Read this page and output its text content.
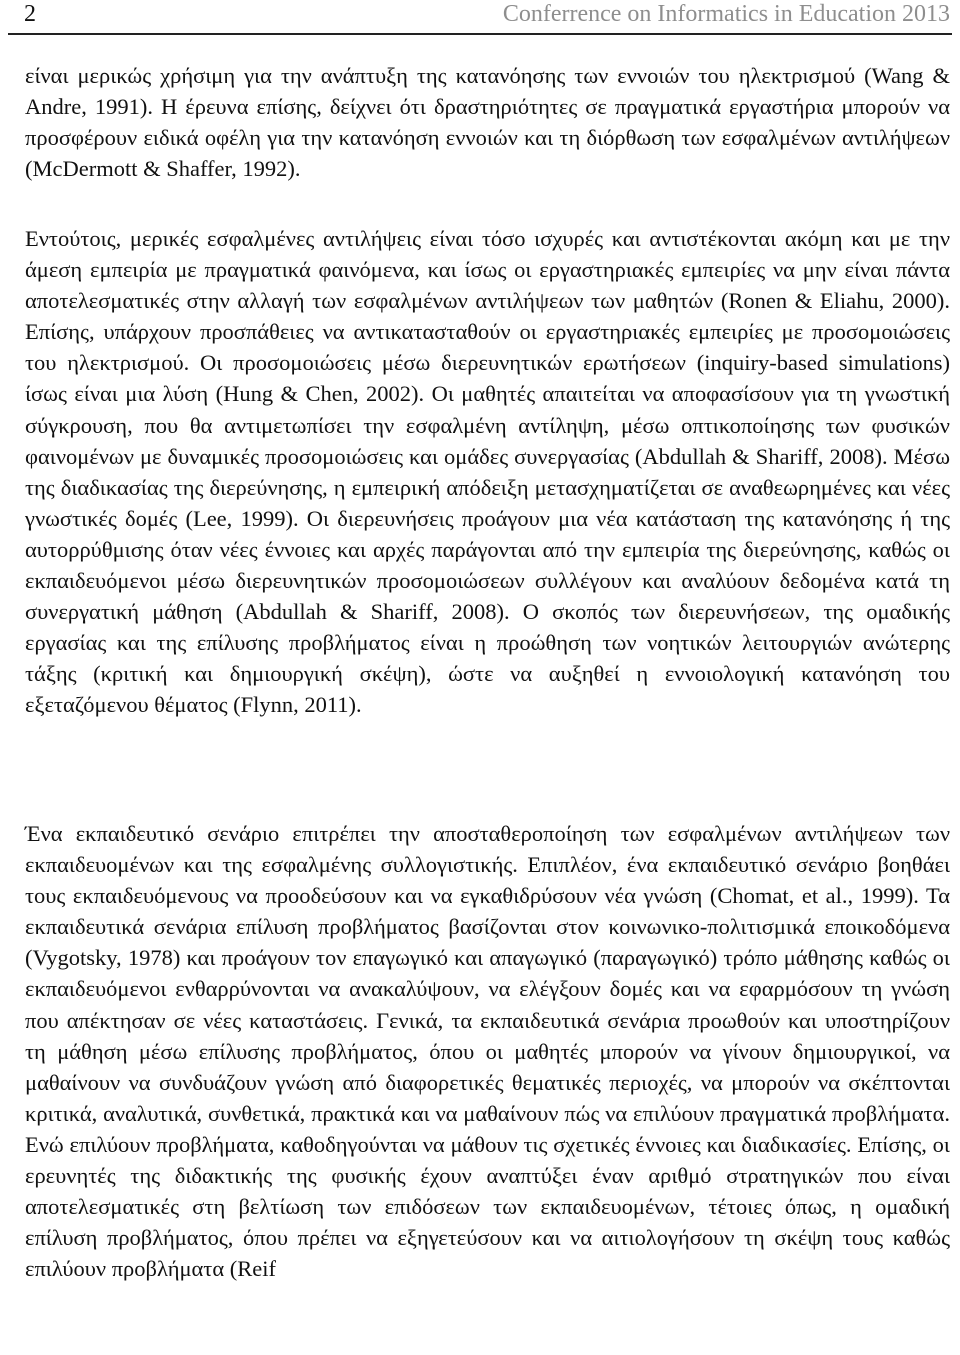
2	Conferrence on Informatics in Education 2013

είναι μερικώς χρήσιμη για την ανάπτυξη της κατανόησης των εννοιών του ηλεκτρισμού (Wang & Andre, 1991). Η έρευνα επίσης, δείχνει ότι δραστηριότητες σε πραγματικά εργαστήρια μπορούν να προσφέρουν ειδικά οφέλη για την κατανόηση εννοιών και τη διόρθωση των εσφαλμένων αντιλήψεων (McDermott & Shaffer, 1992).

Εντούτοις, μερικές εσφαλμένες αντιλήψεις είναι τόσο ισχυρές και αντιστέκονται ακόμη και με την άμεση εμπειρία με πραγματικά φαινόμενα, και ίσως οι εργαστηριακές εμπειρίες να μην είναι πάντα αποτελεσματικές στην αλλαγή των εσφαλμένων αντιλήψεων των μαθητών (Ronen & Eliahu, 2000). Επίσης, υπάρχουν προσπάθειες να αντικατασταθούν οι εργαστηριακές εμπειρίες με προσομοιώσεις του ηλεκτρισμού. Οι προσομοιώσεις μέσω διερευνητικών ερωτήσεων (inquiry-based simulations) ίσως είναι μια λύση (Hung & Chen, 2002). Οι μαθητές απαιτείται να αποφασίσουν για τη γνωστική σύγκρουση, που θα αντιμετωπίσει την εσφαλμένη αντίληψη, μέσω οπτικοποίησης των φυσικών φαινομένων με δυναμικές προσομοιώσεις και ομάδες συνεργασίας (Abdullah & Shariff, 2008). Μέσω της διαδικασίας της διερεύνησης, η εμπειρική απόδειξη μετασχηματίζεται σε αναθεωρημένες και νέες γνωστικές δομές (Lee, 1999). Οι διερευνήσεις προάγουν μια νέα κατάσταση της κατανόησης ή της αυτορρύθμισης όταν νέες έννοιες και αρχές παράγονται από την εμπειρία της διερεύνησης, καθώς οι εκπαιδευόμενοι μέσω διερευνητικών προσομοιώσεων συλλέγουν και αναλύουν δεδομένα κατά τη συνεργατική μάθηση (Abdullah & Shariff, 2008). Ο σκοπός των διερευνήσεων, της ομαδικής εργασίας και της επίλυσης προβλήματος είναι η προώθηση των νοητικών λειτουργιών ανώτερης τάξης (κριτική και δημιουργική σκέψη), ώστε να αυξηθεί η εννοιολογική κατανόηση του εξεταζόμενου θέματος (Flynn, 2011).

Ένα εκπαιδευτικό σενάριο επιτρέπει την αποσταθεροποίηση των εσφαλμένων αντιλήψεων των εκπαιδευομένων και της εσφαλμένης συλλογιστικής. Επιπλέον, ένα εκπαιδευτικό σενάριο βοηθάει τους εκπαιδευόμενους να προοδεύσουν και να εγκαθιδρύσουν νέα γνώση (Chomat, et al., 1999). Τα εκπαιδευτικά σενάρια επίλυση προβλήματος βασίζονται στον κοινωνικο-πολιτισμικά εποικοδόμενα (Vygotsky, 1978) και προάγουν τον επαγωγικό και απαγωγικό (παραγωγικό) τρόπο μάθησης καθώς οι εκπαιδευόμενοι ενθαρρύνονται να ανακαλύψουν, να ελέγξουν δομές και να εφαρμόσουν τη γνώση που απέκτησαν σε νέες καταστάσεις. Γενικά, τα εκπαιδευτικά σενάρια προωθούν και υποστηρίζουν τη μάθηση μέσω επίλυσης προβλήματος, όπου οι μαθητές μπορούν να γίνουν δημιουργικοί, να μαθαίνουν να συνδυάζουν γνώση από διαφορετικές θεματικές περιοχές, να μπορούν να σκέπτονται κριτικά, αναλυτικά, συνθετικά, πρακτικά και να μαθαίνουν πώς να επιλύουν πραγματικά προβλήματα. Ενώ επιλύουν προβλήματα, καθοδηγούνται να μάθουν τις σχετικές έννοιες και διαδικασίες. Επίσης, οι ερευνητές της διδακτικής της φυσικής έχουν αναπτύξει έναν αριθμό στρατηγικών που είναι αποτελεσματικές στη βελτίωση των επιδόσεων των εκπαιδευομένων, τέτοιες όπως, η ομαδική επίλυση προβλήματος, όπου πρέπει να εξηγετεύσουν και να αιτιολογήσουν τη σκέψη τους καθώς επιλύουν προβλήματα (Reif
